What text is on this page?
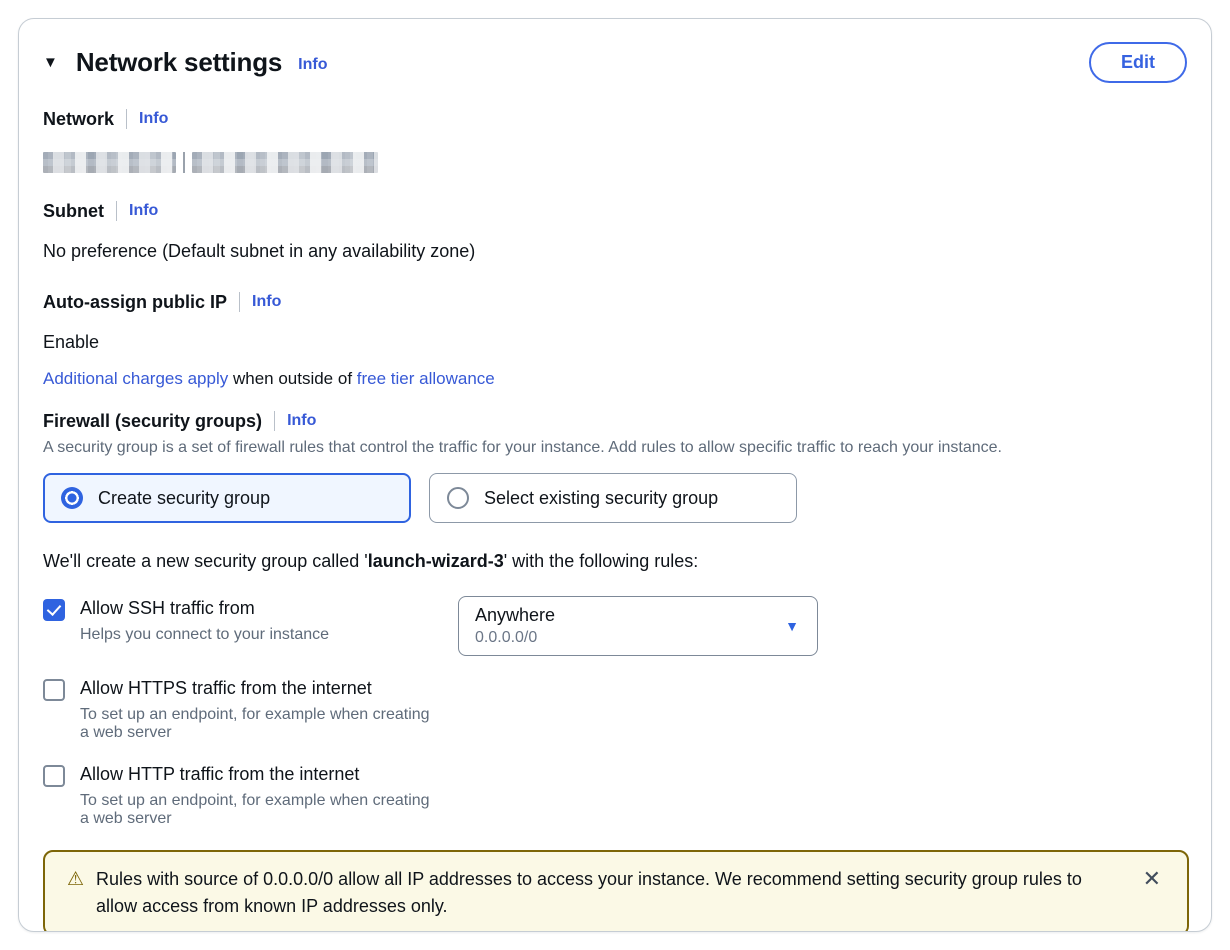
▼ Network settings Info	Edit
Network Info
Subnet Info
No preference (Default subnet in any availability zone)
Auto-assign public IP Info
Enable
Additional charges apply when outside of free tier allowance
Firewall (security groups) Info
A security group is a set of firewall rules that control the traffic for your instance. Add rules to allow specific traffic to reach your instance.
Create security group	Select existing security group
We'll create a new security group called 'launch-wizard-3' with the following rules:
Allow SSH traffic from
Helps you connect to your instance
Anywhere
0.0.0.0/0
▼
Allow HTTPS traffic from the internet
To set up an endpoint, for example when creating a web server
Allow HTTP traffic from the internet
To set up an endpoint, for example when creating a web server
⚠ Rules with source of 0.0.0.0/0 allow all IP addresses to access your instance. We recommend setting security group rules to allow access from known IP addresses only.
✕
